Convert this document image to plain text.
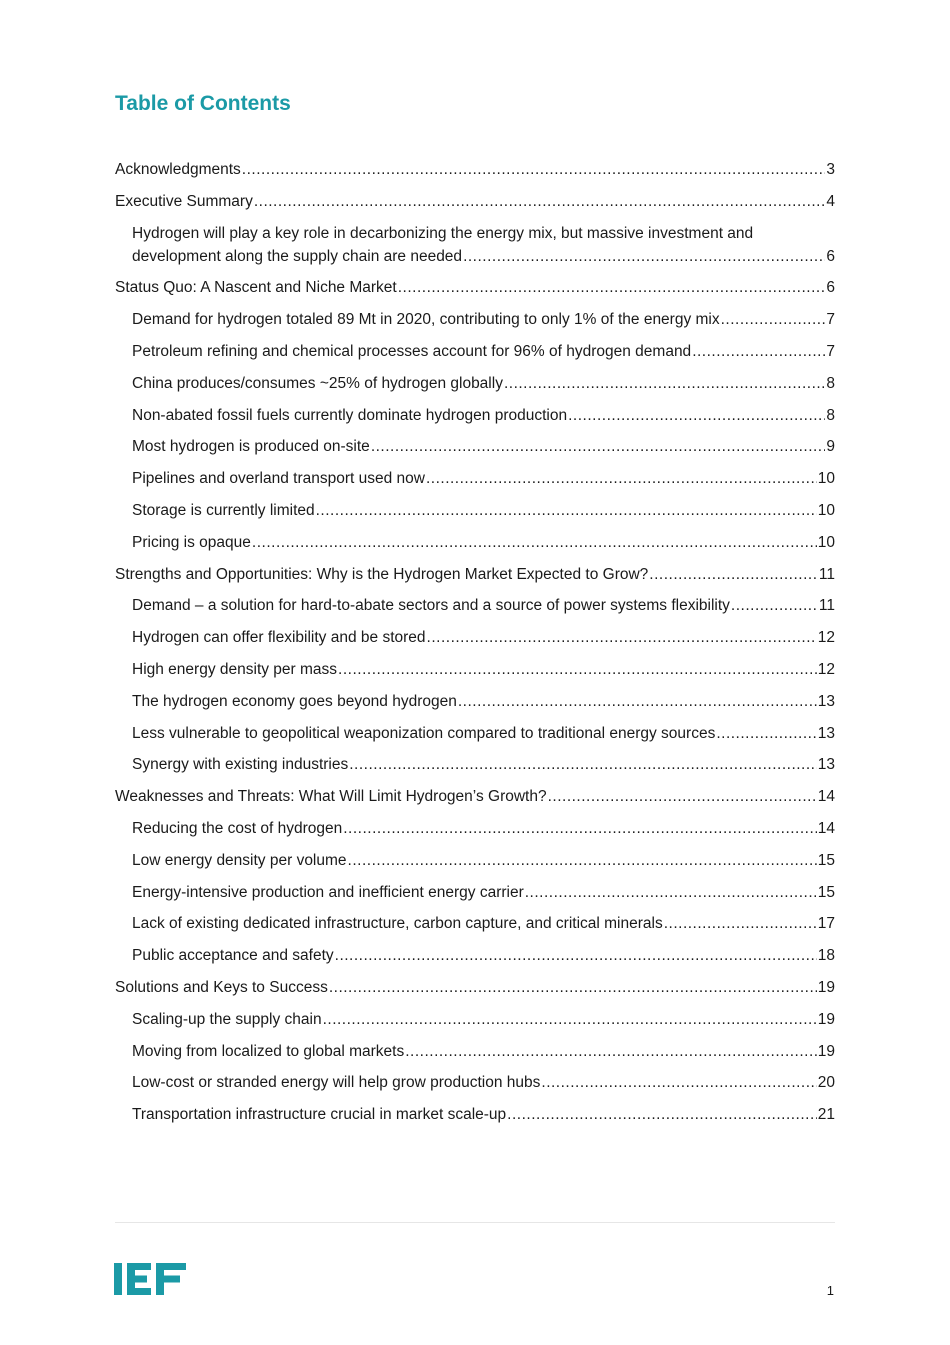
Table of Contents
Acknowledgments .....	3
Executive Summary .....	4
Hydrogen will play a key role in decarbonizing the energy mix, but massive investment and
development along the supply chain are needed .....	6
Status Quo: A Nascent and Niche Market .....	6
Demand for hydrogen totaled 89 Mt in 2020, contributing to only 1% of the energy mix .....	7
Petroleum refining and chemical processes account for 96% of hydrogen demand .....	7
China produces/consumes ~25% of hydrogen globally .....	8
Non-abated fossil fuels currently dominate hydrogen production .....	8
Most hydrogen is produced on-site .....	9
Pipelines and overland transport used now .....	10
Storage is currently limited .....	10
Pricing is opaque .....	10
Strengths and Opportunities: Why is the Hydrogen Market Expected to Grow? .....	11
Demand – a solution for hard-to-abate sectors and a source of power systems flexibility .....	11
Hydrogen can offer flexibility and be stored .....	12
High energy density per mass .....	12
The hydrogen economy goes beyond hydrogen .....	13
Less vulnerable to geopolitical weaponization compared to traditional energy sources .....	13
Synergy with existing industries .....	13
Weaknesses and Threats: What Will Limit Hydrogen’s Growth? .....	14
Reducing the cost of hydrogen .....	14
Low energy density per volume .....	15
Energy-intensive production and inefficient energy carrier .....	15
Lack of existing dedicated infrastructure, carbon capture, and critical minerals .....	17
Public acceptance and safety .....	18
Solutions and Keys to Success .....	19
Scaling-up the supply chain .....	19
Moving from localized to global markets .....	19
Low-cost or stranded energy will help grow production hubs .....	20
Transportation infrastructure crucial in market scale-up .....	21
1
